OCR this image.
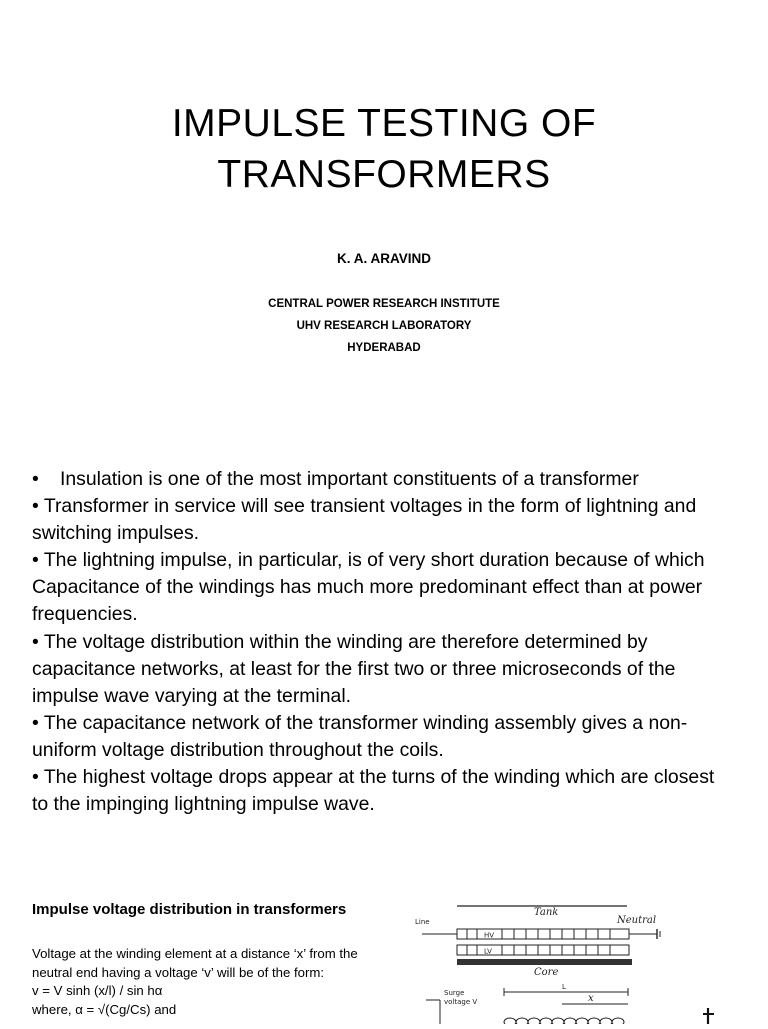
IMPULSE TESTING OF
TRANSFORMERS
K. A. ARAVIND
CENTRAL POWER RESEARCH INSTITUTE
UHV RESEARCH LABORATORY
HYDERABAD

• Insulation is one of the most important constituents of a transformer

• Transformer in service will see transient voltages in the form of lightning and switching impulses.

• The lightning impulse, in particular, is of very short duration because of which Capacitance of the windings has much more predominant effect than at power frequencies.

• The voltage distribution within the winding are therefore determined by capacitance networks, at least for the first two or three microseconds of the impulse wave varying at the terminal.

• The capacitance network of the transformer winding assembly gives a non-uniform voltage distribution throughout the coils.

• The highest voltage drops appear at the turns of the winding which are closest to the impinging lightning impulse wave.

Impulse voltage distribution in transformers

Voltage at the winding element at a distance ‘x’ from the

neutral end having a voltage ‘v’ will be of the form:

v = V sinh (x/l) / sin hα

where, α = √(Cg/Cs) and

Tank
Line
HV
Neutral
LV
Core
Surge
voltage V
L
x
